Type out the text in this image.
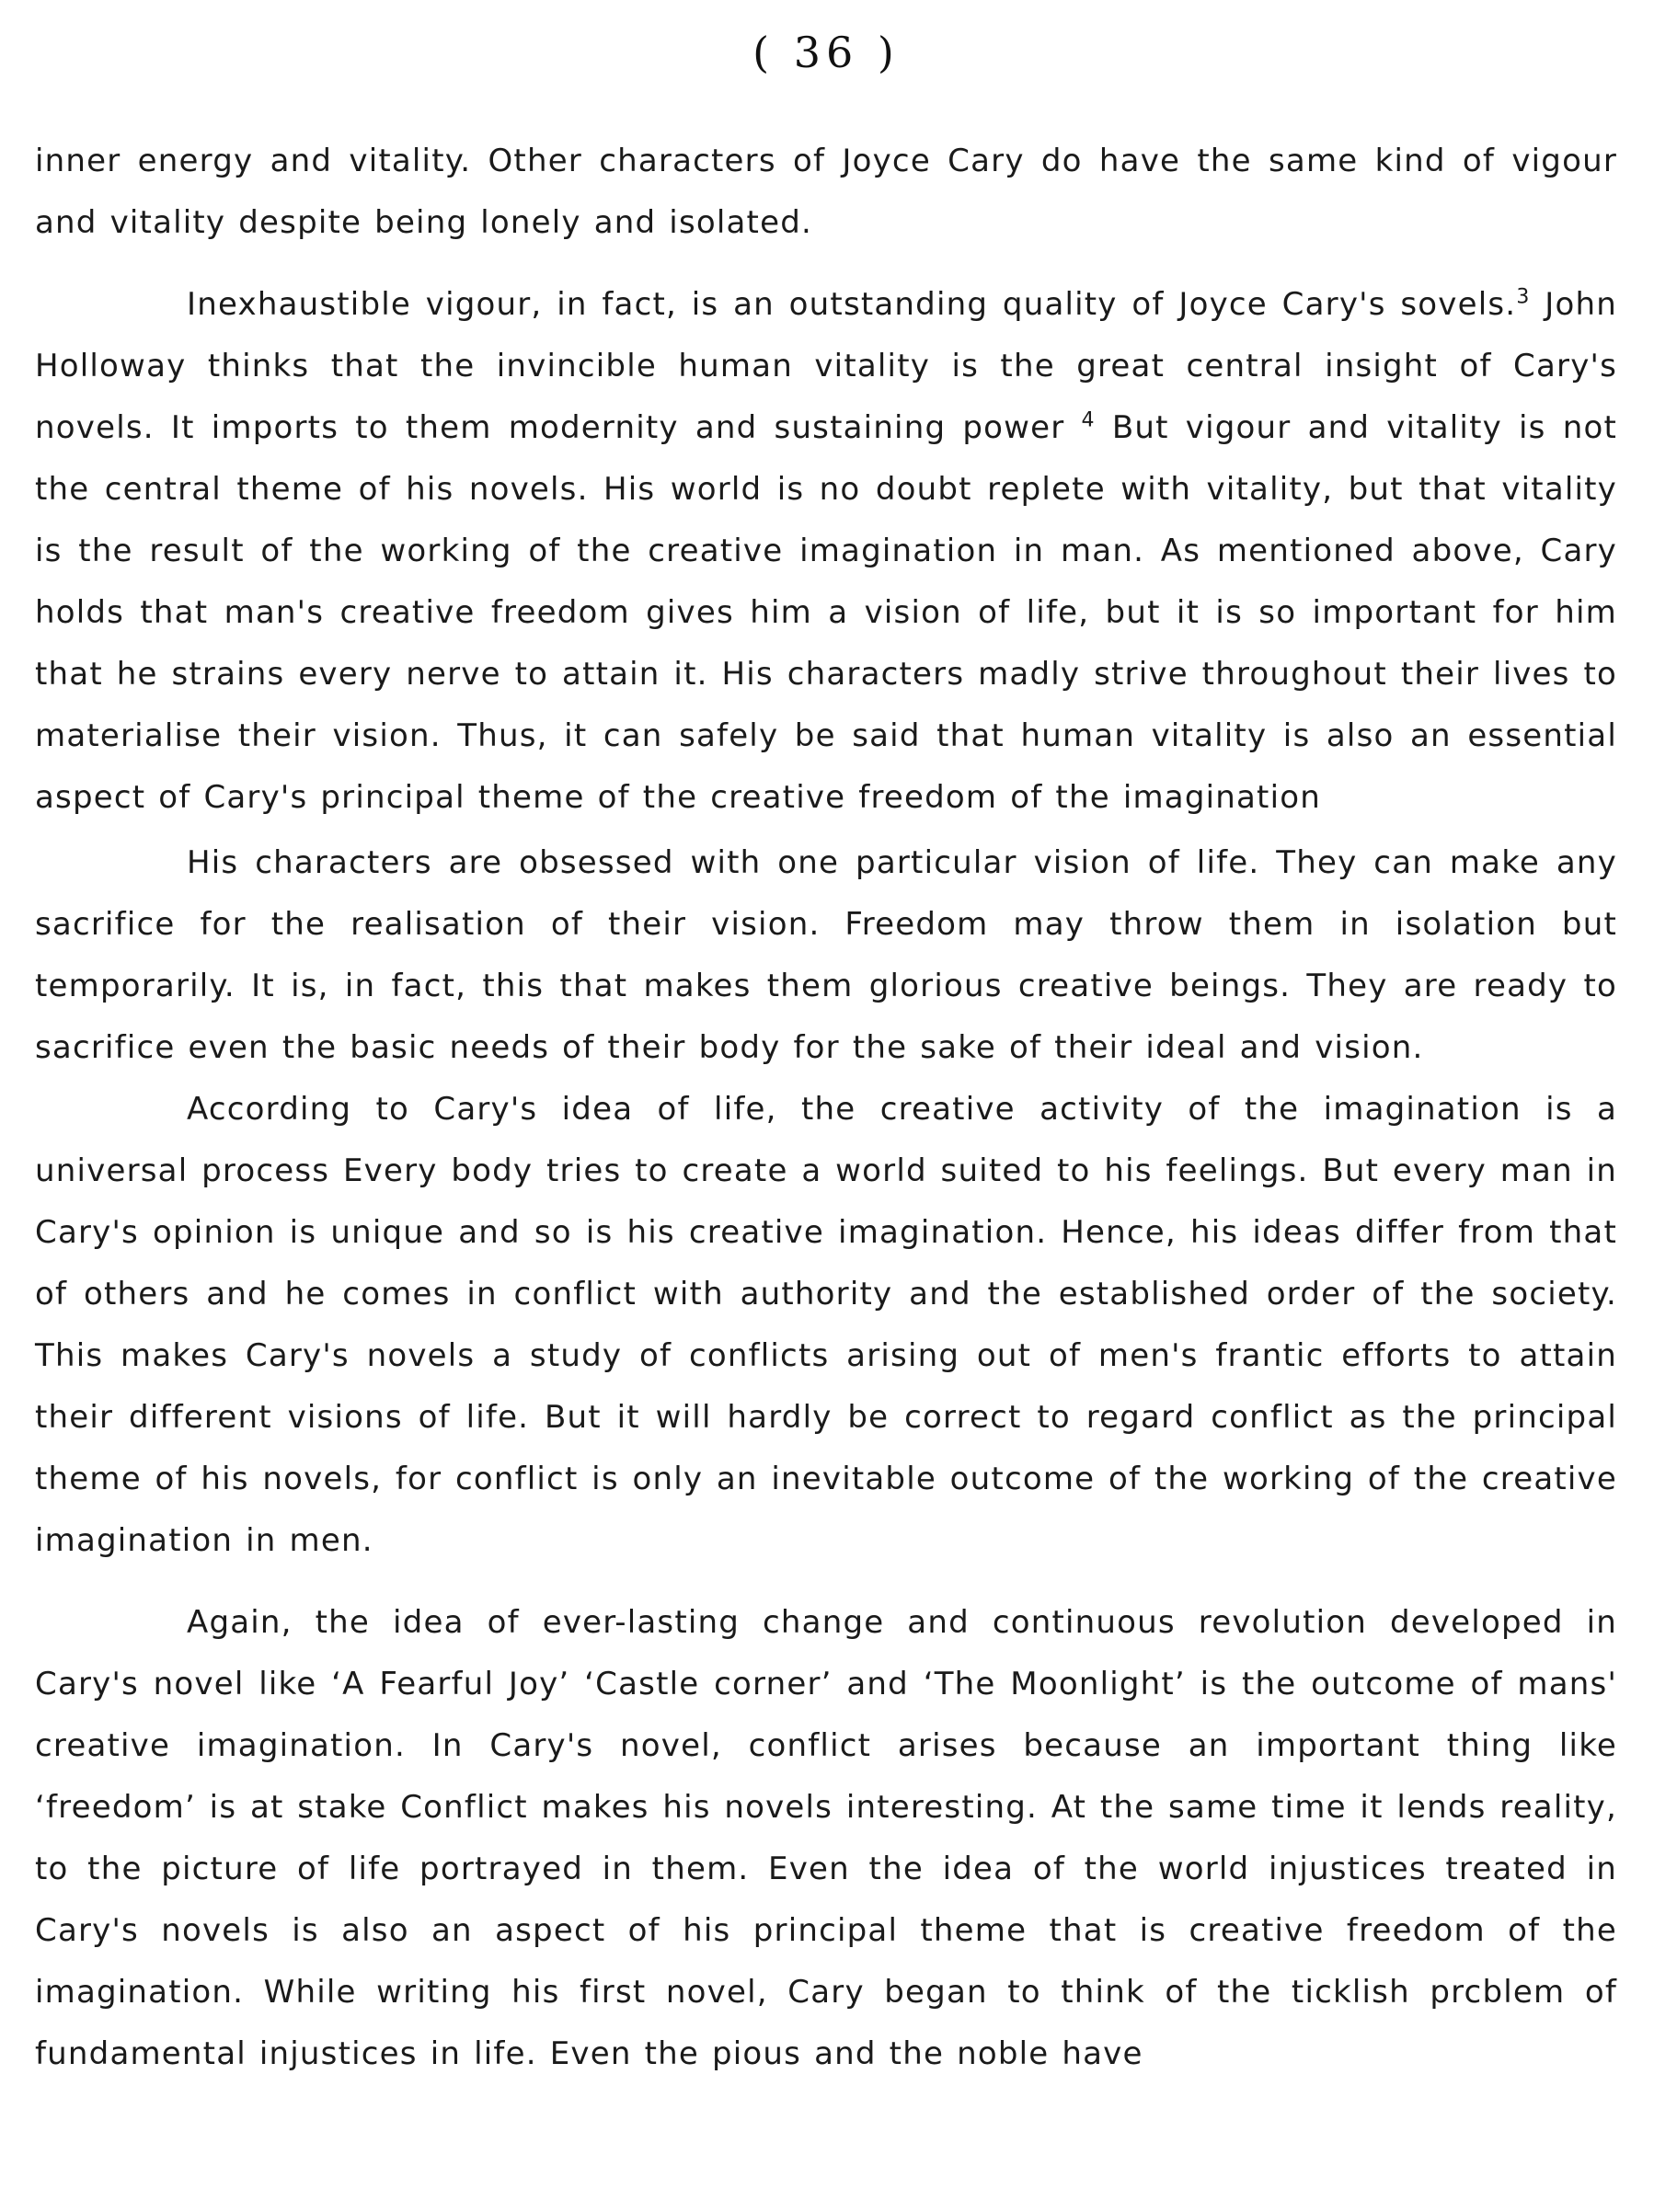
( 36 )

inner energy and vitality. Other characters of Joyce Cary do have the same kind of vigour and vitality despite being lonely and isolated.

Inexhaustible vigour, in fact, is an outstanding quality of Joyce Cary's sovels.$^3$ John Holloway thinks that the invincible human vitality is the great central insight of Cary's novels. It imports to them modernity and sustaining power $^4$ But vigour and vitality is not the central theme of his novels. His world is no doubt replete with vitality, but that vitality is the result of the working of the creative imagination in man. As mentioned above, Cary holds that man's creative freedom gives him a vision of life, but it is so important for him that he strains every nerve to attain it. His characters madly strive throughout their lives to materialise their vision. Thus, it can safely be said that human vitality is also an essential aspect of Cary's principal theme of the creative freedom of the imagination

His characters are obsessed with one particular vision of life. They can make any sacrifice for the realisation of their vision. Freedom may throw them in isolation but temporarily. It is, in fact, this that makes them glorious creative beings. They are ready to sacrifice even the basic needs of their body for the sake of their ideal and vision.

According to Cary's idea of life, the creative activity of the imagination is a universal process Every body tries to create a world suited to his feelings. But every man in Cary's opinion is unique and so is his creative imagination. Hence, his ideas differ from that of others and he comes in conflict with authority and the established order of the society. This makes Cary's novels a study of conflicts arising out of men's frantic efforts to attain their different visions of life. But it will hardly be correct to regard conflict as the principal theme of his novels, for conflict is only an inevitable outcome of the working of the creative imagination in men.

Again, the idea of ever-lasting change and continuous revolution developed in Cary's novel like ‘A Fearful Joy’ ‘Castle corner’ and ‘The Moonlight’ is the outcome of mans' creative imagination. In Cary's novel, conflict arises because an important thing like ‘freedom’ is at stake Conflict makes his novels interesting. At the same time it lends reality, to the picture of life portrayed in them. Even the idea of the world injustices treated in Cary's novels is also an aspect of his principal theme that is creative freedom of the imagination. While writing his first novel, Cary began to think of the ticklish prcblem of fundamental injustices in life. Even the pious and the noble have
